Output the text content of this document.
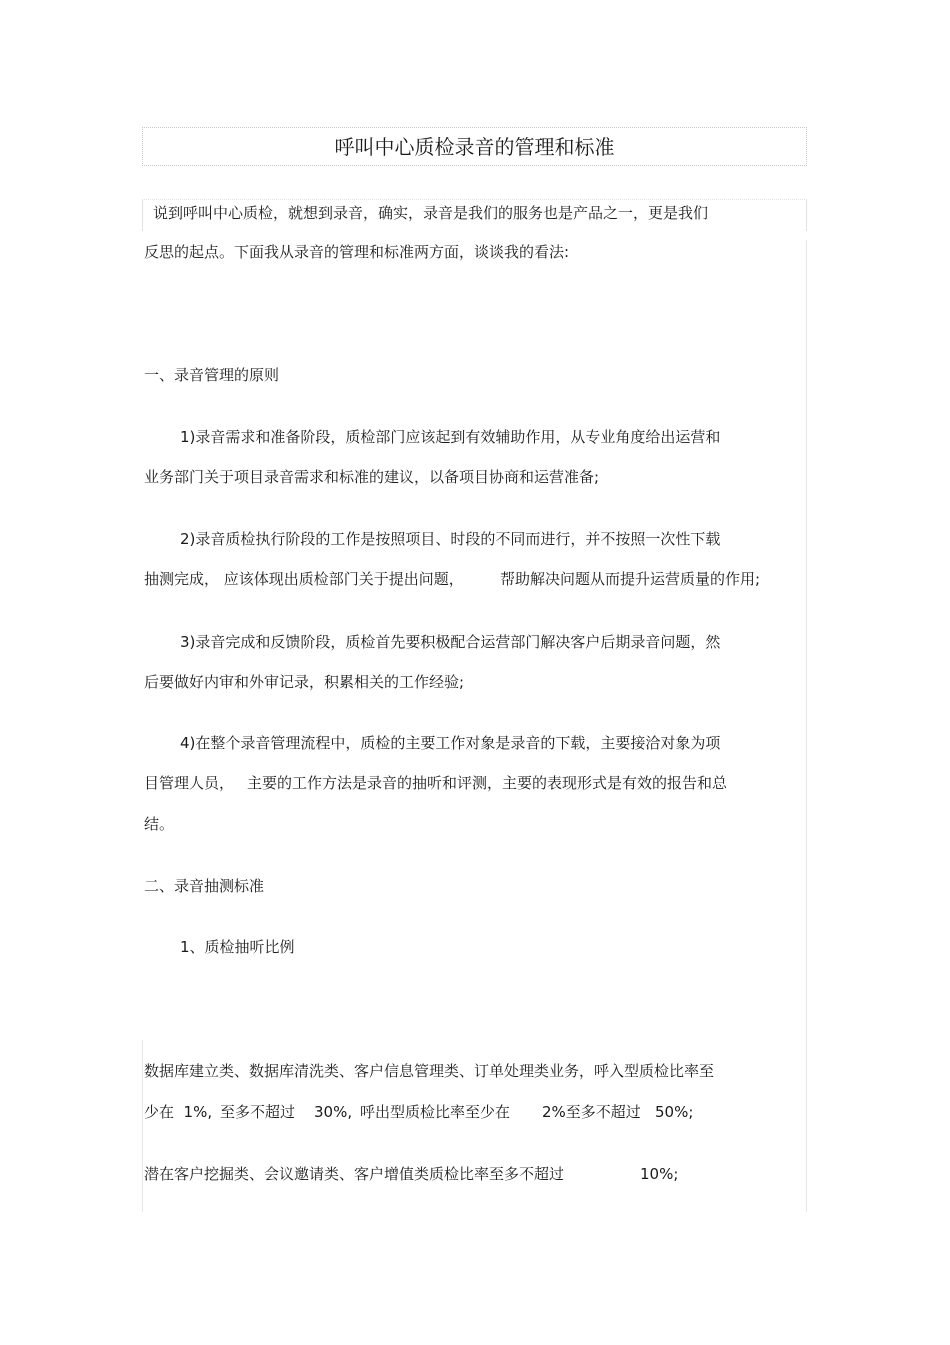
呼叫中心质检录音的管理和标准
说到呼叫中心质检，就想到录音，确实，录音是我们的服务也是产品之一，更是我们
反思的起点。下面我从录音的管理和标准两方面，谈谈我的看法:
一、录音管理的原则
1)录音需求和准备阶段，质检部门应该起到有效辅助作用，从专业角度给出运营和
业务部门关于项目录音需求和标准的建议，以备项目协商和运营准备;
2)录音质检执行阶段的工作是按照项目、时段的不同而进行，并不按照一次性下载
抽测完成， 应该体现出质检部门关于提出问题， 帮助解决问题从而提升运营质量的作用;
3)录音完成和反馈阶段，质检首先要积极配合运营部门解决客户后期录音问题，然
后要做好内审和外审记录，积累相关的工作经验;
4)在整个录音管理流程中，质检的主要工作对象是录音的下载，主要接洽对象为项
目管理人员， 主要的工作方法是录音的抽听和评测，主要的表现形式是有效的报告和总
结。
二、录音抽测标准
1、质检抽听比例
数据库建立类、数据库清洗类、客户信息管理类、订单处理类业务，呼入型质检比率至
少在  1%, 至多不超过 30%, 呼出型质检比率至少在 2%至多不超过 50%;
潜在客户挖掘类、会议邀请类、客户增值类质检比率至多不超过	10%;
